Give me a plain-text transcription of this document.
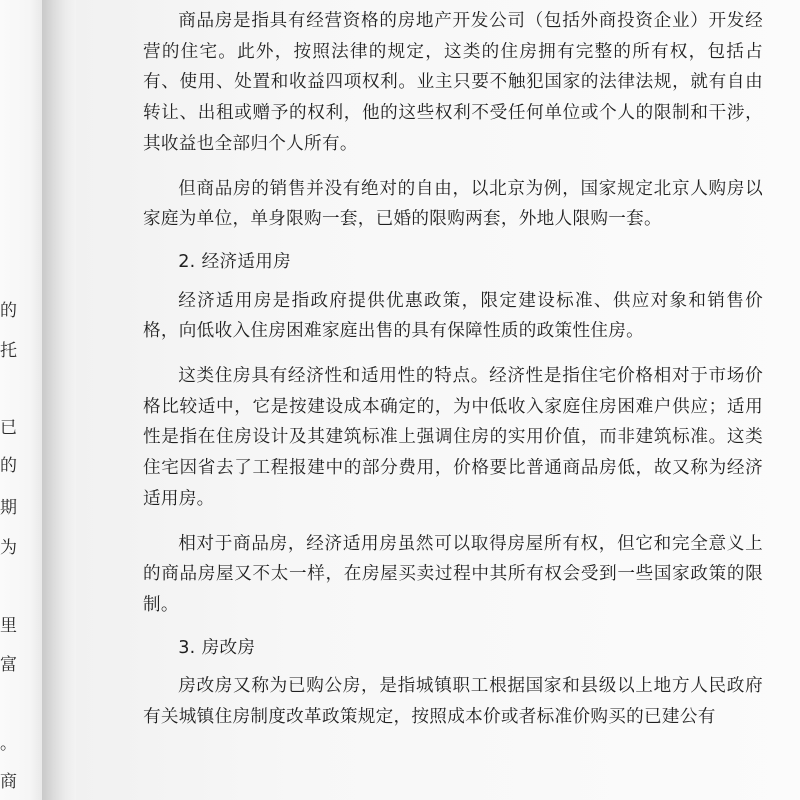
的
托
已
的
期
为
里
富
。
商

商品房是指具有经营资格的房地产开发公司（包括外商投资企业）开发经营的住宅。此外，按照法律的规定，这类的住房拥有完整的所有权，包括占有、使用、处置和收益四项权利。业主只要不触犯国家的法律法规，就有自由转让、出租或赠予的权利，他的这些权利不受任何单位或个人的限制和干涉，其收益也全部归个人所有。

但商品房的销售并没有绝对的自由，以北京为例，国家规定北京人购房以家庭为单位，单身限购一套，已婚的限购两套，外地人限购一套。

2. 经济适用房

经济适用房是指政府提供优惠政策，限定建设标准、供应对象和销售价格，向低收入住房困难家庭出售的具有保障性质的政策性住房。

这类住房具有经济性和适用性的特点。经济性是指住宅价格相对于市场价格比较适中，它是按建设成本确定的，为中低收入家庭住房困难户供应；适用性是指在住房设计及其建筑标准上强调住房的实用价值，而非建筑标准。这类住宅因省去了工程报建中的部分费用，价格要比普通商品房低，故又称为经济适用房。

相对于商品房，经济适用房虽然可以取得房屋所有权，但它和完全意义上的商品房屋又不太一样，在房屋买卖过程中其所有权会受到一些国家政策的限制。

3. 房改房

房改房又称为已购公房，是指城镇职工根据国家和县级以上地方人民政府有关城镇住房制度改革政策规定，按照成本价或者标准价购买的已建公有
